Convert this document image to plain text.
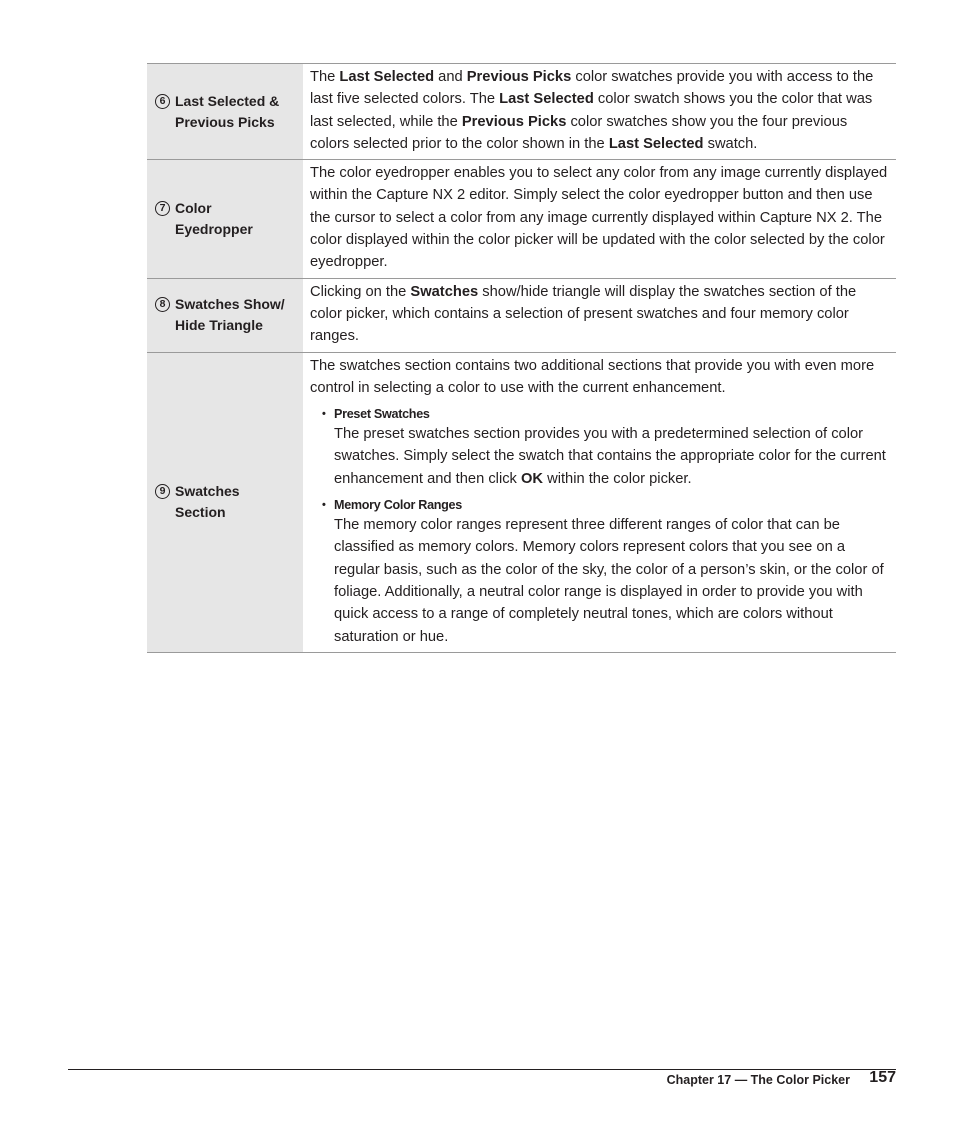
6 Last Selected &
Previous Picks
The Last Selected and Previous Picks color swatches provide you with access to the last five selected colors. The Last Selected color swatch shows you the color that was last selected, while the Previous Picks color swatches show you the four previous colors selected prior to the color shown in the Last Selected swatch.
7 Color
Eyedropper
The color eyedropper enables you to select any color from any image currently displayed within the Capture NX 2 editor. Simply select the color eyedropper button and then use the cursor to select a color from any image currently displayed within Capture NX 2. The color displayed within the color picker will be updated with the color selected by the color eyedropper.
8 Swatches Show/
Hide Triangle
Clicking on the Swatches show/hide triangle will display the swatches section of the color picker, which contains a selection of present swatches and four memory color ranges.
9 Swatches
Section
The swatches section contains two additional sections that provide you with even more control in selecting a color to use with the current enhancement.
• Preset Swatches
The preset swatches section provides you with a predetermined selection of color swatches. Simply select the swatch that contains the appropriate color for the current enhancement and then click OK within the color picker.
• Memory Color Ranges
The memory color ranges represent three different ranges of color that can be classified as memory colors. Memory colors represent colors that you see on a regular basis, such as the color of the sky, the color of a person’s skin, or the color of foliage. Additionally, a neutral color range is displayed in order to provide you with quick access to a range of completely neutral tones, which are colors without saturation or hue.
Chapter 17 — The Color Picker 157
